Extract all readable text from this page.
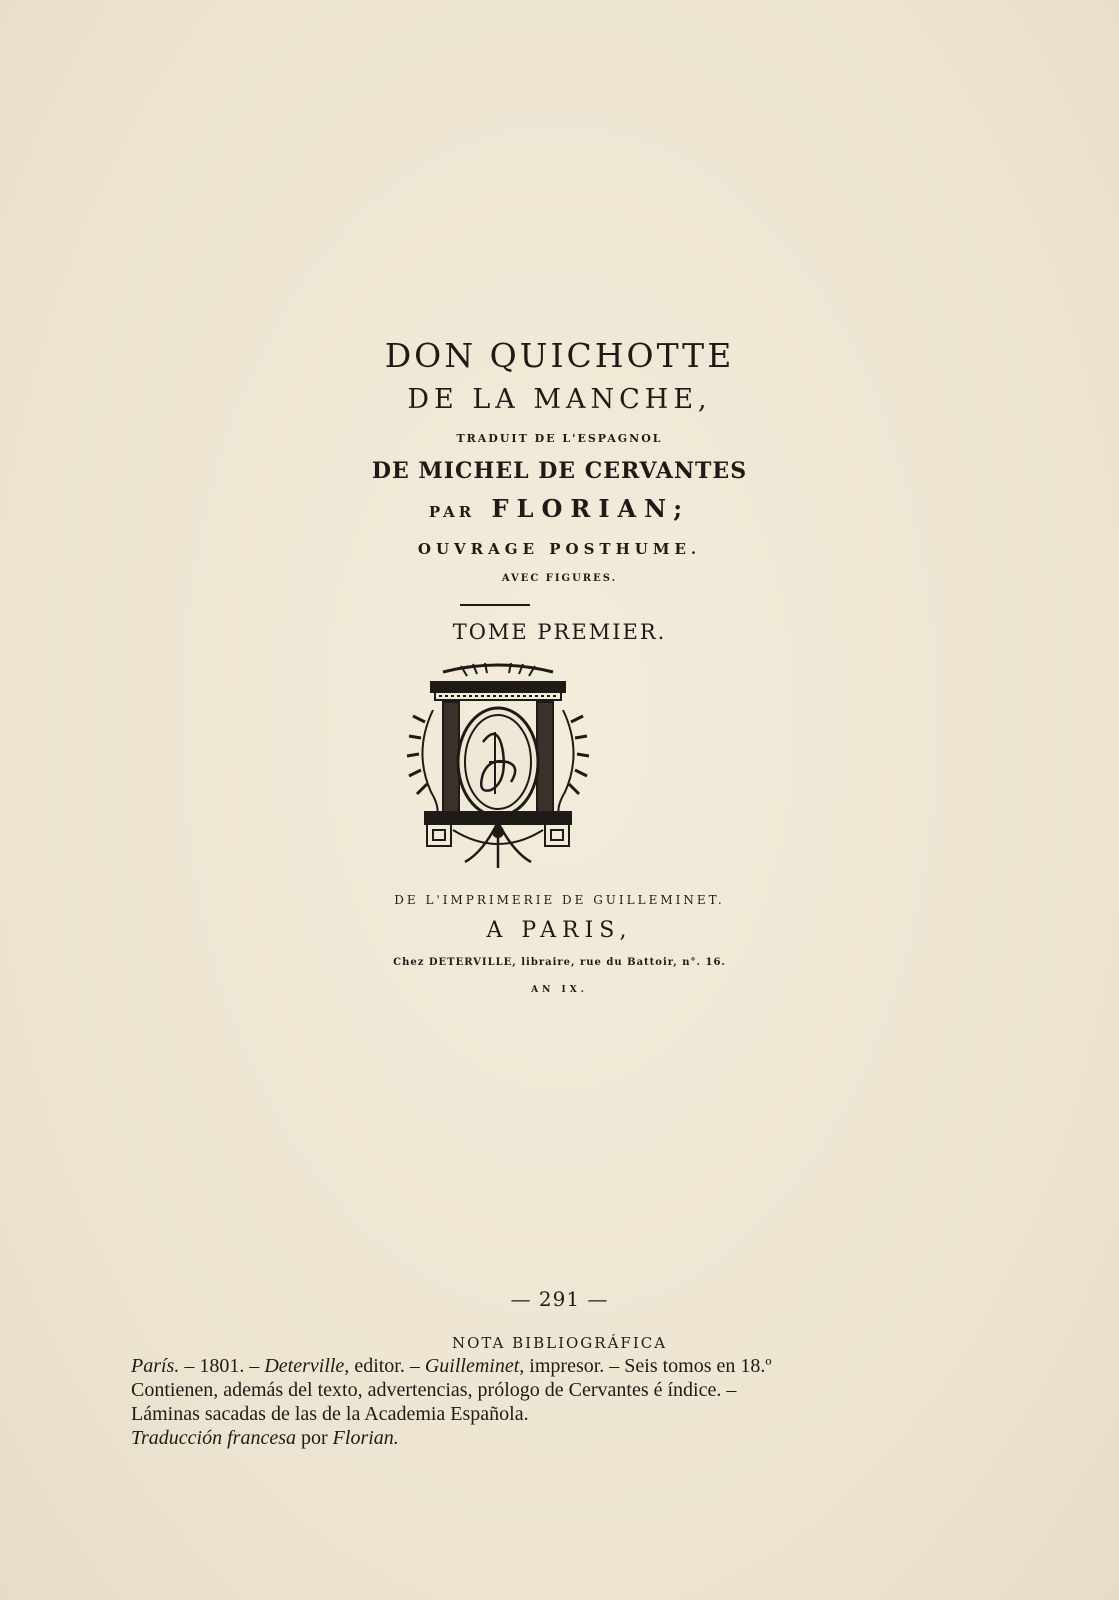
DON QUICHOTTE
DE LA MANCHE,
TRADUIT DE L'ESPAGNOL
DE MICHEL DE CERVANTES
PAR FLORIAN;
OUVRAGE POSTHUME.
AVEC FIGURES.
TOME PREMIER.
DE L'IMPRIMERIE DE GUILLEMINET.
A PARIS,
Chez DETERVILLE, libraire, rue du Battoir, n°. 16.
AN IX.
— 291 —
NOTA BIBLIOGRÁFICA

París. – 1801. – Deterville, editor. – Guilleminet, impresor. – Seis tomos en 18.º

Contienen, además del texto, advertencias, prólogo de Cervantes é índice. –

Láminas sacadas de las de la Academia Española.

Traducción francesa por Florian.
